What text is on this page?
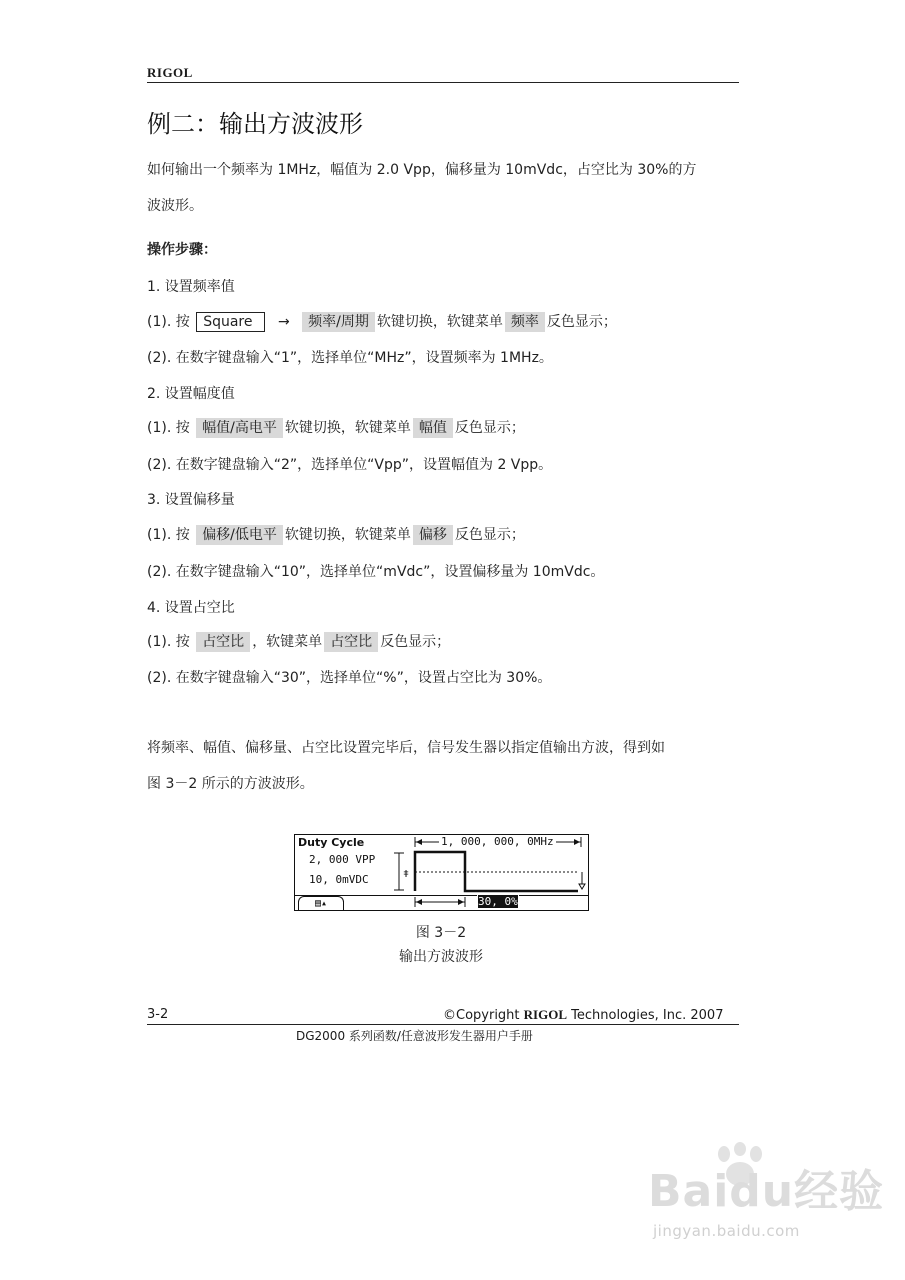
RIGOL
例二：输出方波波形
如何输出一个频率为 1MHz，幅值为 2.0 Vpp，偏移量为 10mVdc，占空比为 30%的方
波波形。
操作步骤：
1. 设置频率值
(1). 按 Square → 频率/周期 软键切换，软键菜单 频率 反色显示；
(2). 在数字键盘输入“1”，选择单位“MHz”，设置频率为 1MHz。
2. 设置幅度值
(1). 按 幅值/高电平 软键切换，软键菜单 幅值 反色显示；
(2). 在数字键盘输入“2”，选择单位“Vpp”，设置幅值为 2 Vpp。
3. 设置偏移量
(1). 按 偏移/低电平 软键切换，软键菜单 偏移 反色显示；
(2). 在数字键盘输入“10”，选择单位“mVdc”，设置偏移量为 10mVdc。
4. 设置占空比
(1). 按 占空比 ，软键菜单 占空比 反色显示；
(2). 在数字键盘输入“30”，选择单位“%”，设置占空比为 30%。
将频率、幅值、偏移量、占空比设置完毕后，信号发生器以指定值输出方波，得到如
图 3－2 所示的方波波形。
ǂ
Duty Cycle	1, 000, 000, 0MHz
2, 000 VPP
10, 0mVDC
▤▴	30, 0%
图 3－2
输出方波波形
3-2	©Copyright RIGOL Technologies, Inc. 2007
DG2000 系列函数/任意波形发生器用户手册
Baidu经验
jingyan.baidu.com
